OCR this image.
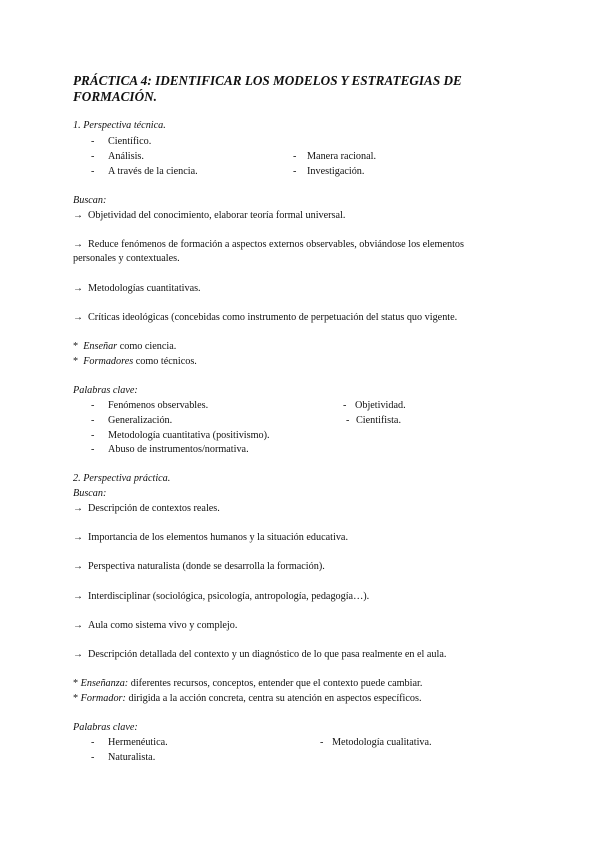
PRÁCTICA 4: IDENTIFICAR LOS MODELOS Y ESTRATEGIAS DE
FORMACIÓN.
1. Perspectiva técnica.
- Científico.
- Análisis.	- Manera racional.
- A través de la ciencia.	- Investigación.
Buscan:
→ Objetividad del conocimiento, elaborar teoría formal universal.
→ Reduce fenómenos de formación a aspectos externos observables, obviándose los elementos
personales y contextuales.
→ Metodologías cuantitativas.
→ Críticas ideológicas (concebidas como instrumento de perpetuación del status quo vigente.
* Enseñar como ciencia.
* Formadores como técnicos.
Palabras clave:
- Fenómenos observables.	- Objetividad.
- Generalización.	- Cientifista.
- Metodología cuantitativa (positivismo).
- Abuso de instrumentos/normativa.
2. Perspectiva práctica.
Buscan:
→ Descripción de contextos reales.
→ Importancia de los elementos humanos y la situación educativa.
→ Perspectiva naturalista (donde se desarrolla la formación).
→ Interdisciplinar (sociológica, psicología, antropología, pedagogía…).
→ Aula como sistema vivo y complejo.
→ Descripción detallada del contexto y un diagnóstico de lo que pasa realmente en el aula.
* Enseñanza: diferentes recursos, conceptos, entender que el contexto puede cambiar.
* Formador: dirigida a la acción concreta, centra su atención en aspectos específicos.
Palabras clave:
- Hermenéutica.	- Metodología cualitativa.
- Naturalista.
